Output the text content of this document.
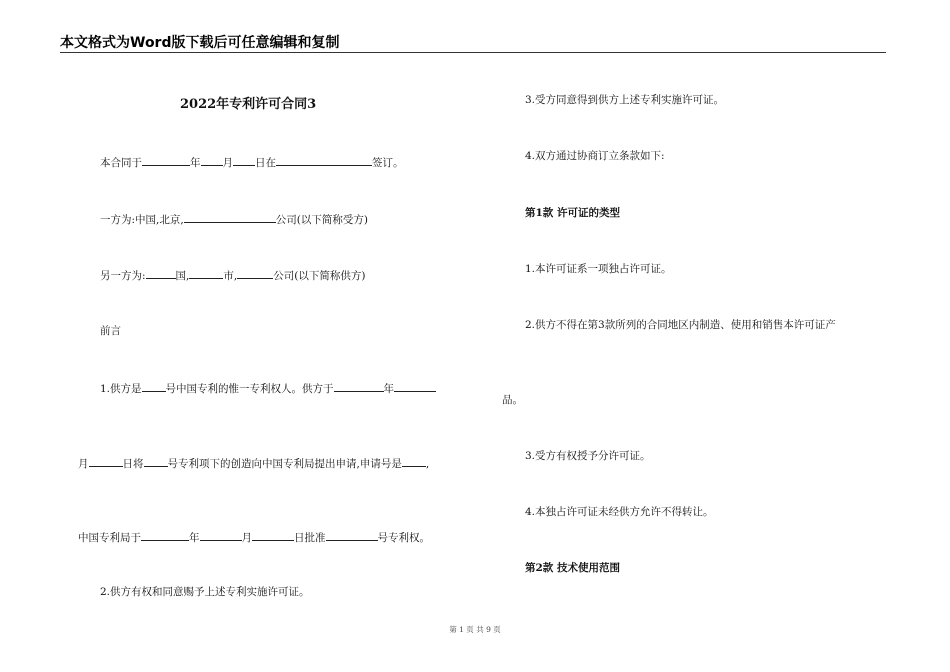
本文格式为Word版下载后可任意编辑和复制
2022年专利许可合同3
本合同于	年 月 日在	签订。
一方为:中国,北京,	公司(以下简称受方)
另一方为:	国,	市,	公司(以下简称供方)
前言
1.供方是 号中国专利的惟一专利权人。供方于	年
月	日将 号专利项下的创造向中国专利局提出申请,申请号是 ,
中国专利局于	年	月	日批准	号专利权。
2.供方有权和同意赐予上述专利实施许可证。
3.受方同意得到供方上述专利实施许可证。
4.双方通过协商订立条款如下:
第1款 许可证的类型
1.本许可证系一项独占许可证。
2.供方不得在第3款所列的合同地区内制造、使用和销售本许可证产
品。
3.受方有权授予分许可证。
4.本独占许可证未经供方允许不得转让。
第2款 技术使用范围
第 1 页 共 9 页
